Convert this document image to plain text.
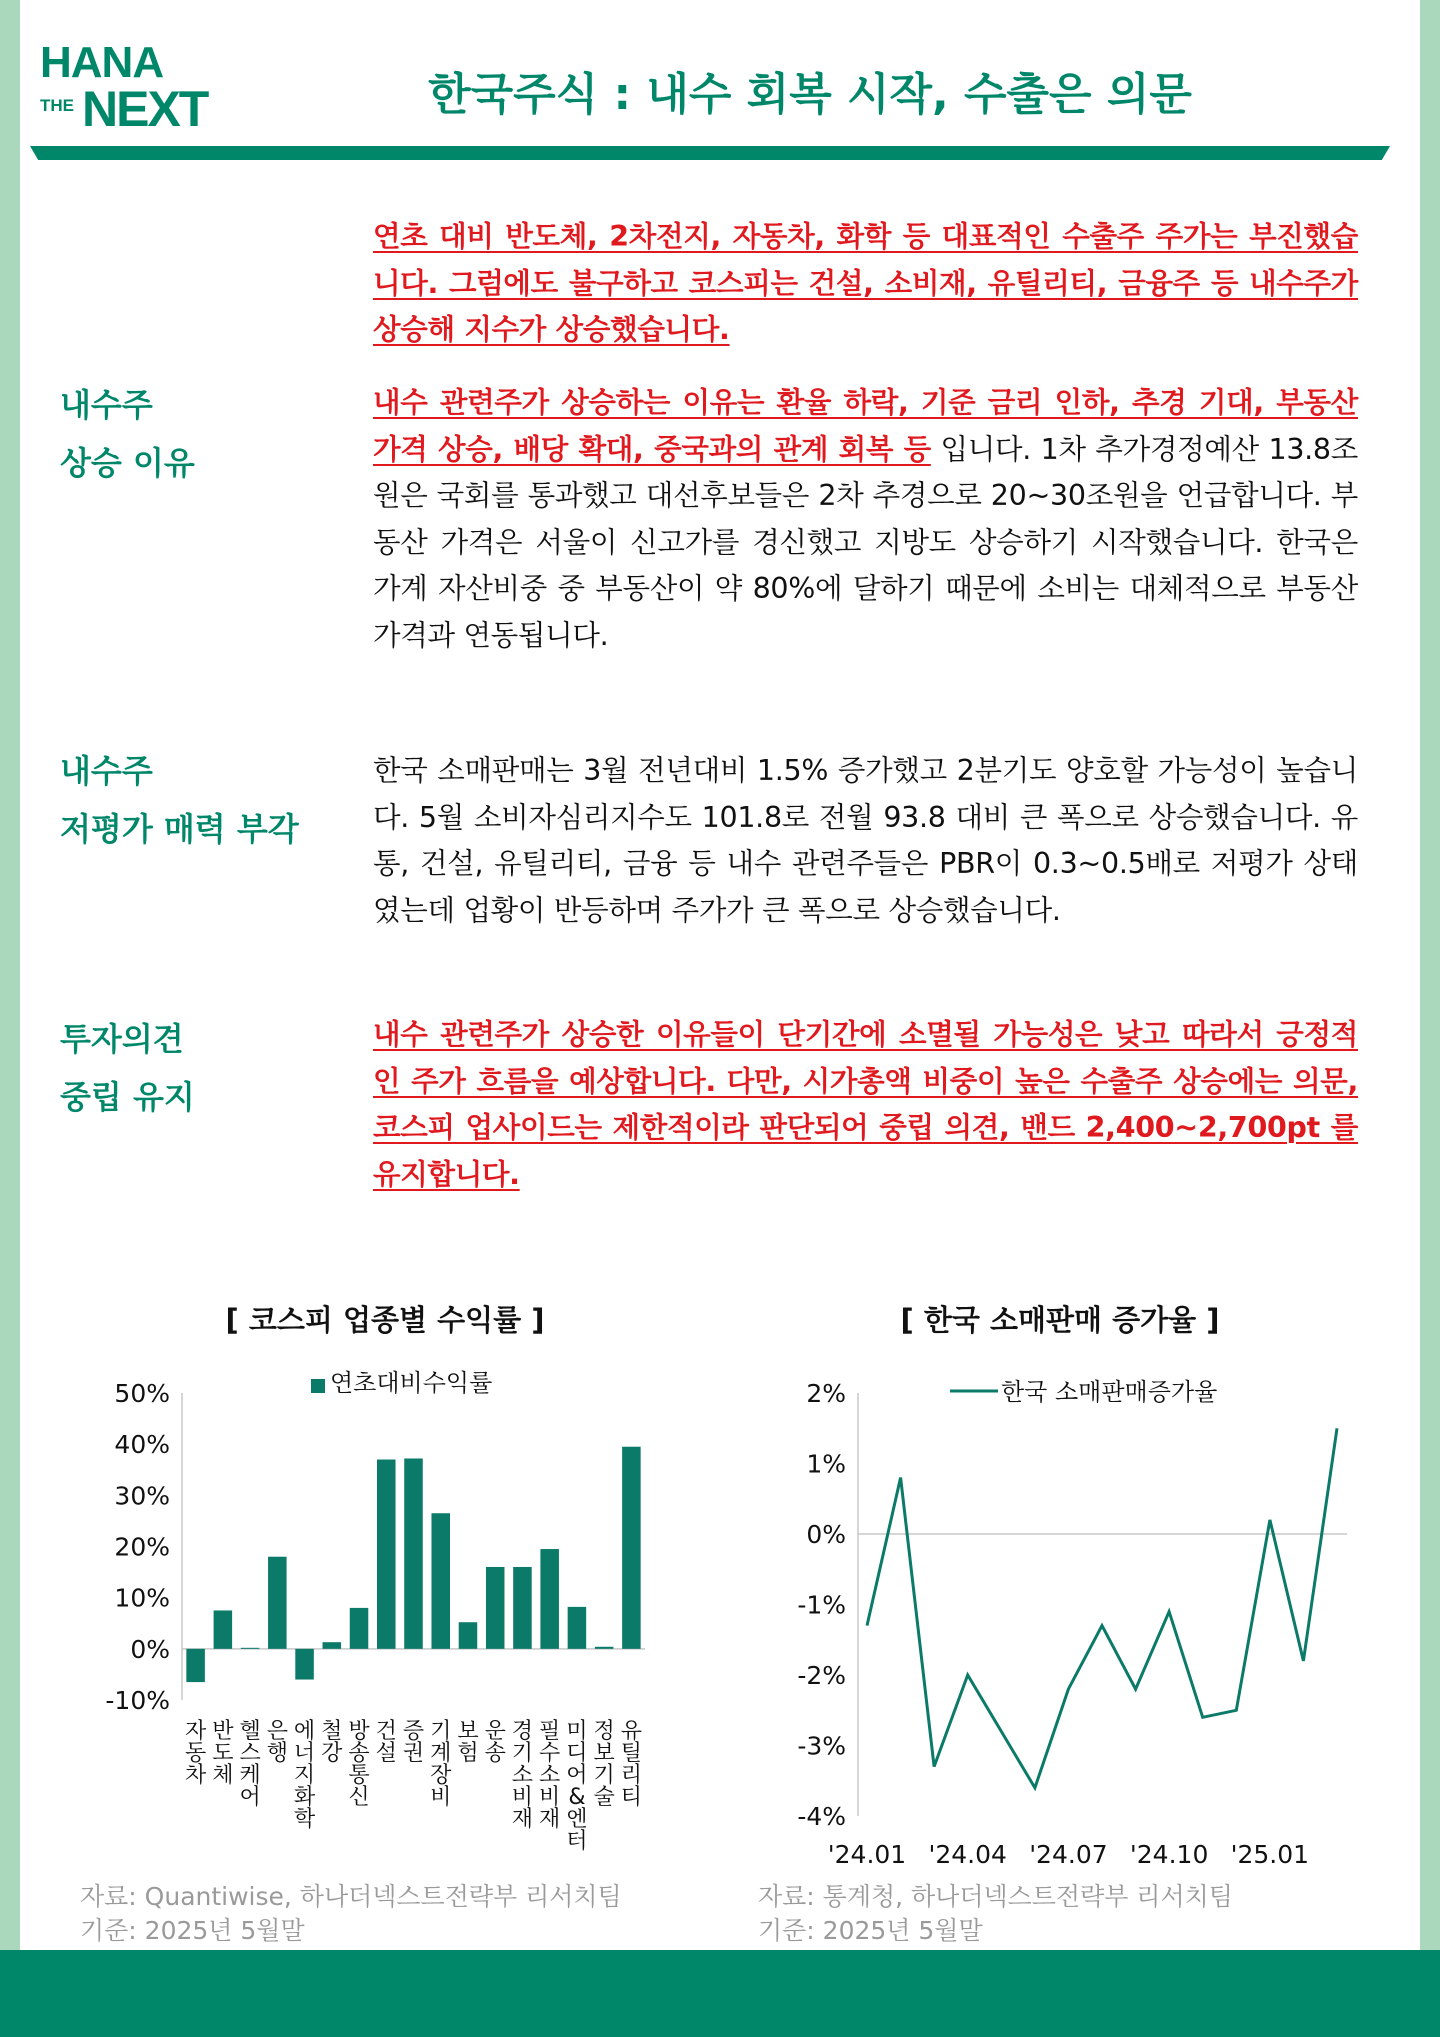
HANA
THE NEXT	한국주식 : 내수 회복 시작, 수출은 의문
연초 대비 반도체, 2차전지, 자동차, 화학 등 대표적인 수출주 주가는 부진했습니다. 그럼에도 불구하고 코스피는 건설, 소비재, 유틸리티, 금융주 등 내수주가 상승해 지수가 상승했습니다.
내수주
상승 이유
내수 관련주가 상승하는 이유는 환율 하락, 기준 금리 인하, 추경 기대, 부동산 가격 상승, 배당 확대, 중국과의 관계 회복 등 입니다. 1차 추가경정예산 13.8조원은 국회를 통과했고 대선후보들은 2차 추경으로 20~30조원을 언급합니다. 부동산 가격은 서울이 신고가를 경신했고 지방도 상승하기 시작했습니다. 한국은 가계 자산비중 중 부동산이 약 80%에 달하기 때문에 소비는 대체적으로 부동산 가격과 연동됩니다.
내수주
저평가 매력 부각
한국 소매판매는 3월 전년대비 1.5% 증가했고 2분기도 양호할 가능성이 높습니다. 5월 소비자심리지수도 101.8로 전월 93.8 대비 큰 폭으로 상승했습니다. 유통, 건설, 유틸리티, 금융 등 내수 관련주들은 PBR이 0.3~0.5배로 저평가 상태였는데 업황이 반등하며 주가가 큰 폭으로 상승했습니다.
투자의견
중립 유지
내수 관련주가 상승한 이유들이 단기간에 소멸될 가능성은 낮고 따라서 긍정적인 주가 흐름을 예상합니다. 다만, 시가총액 비중이 높은 수출주 상승에는 의문, 코스피 업사이드는 제한적이라 판단되어 중립 의견, 밴드 2,400~2,700pt 를 유지합니다.
[ 코스피 업종별 수익률 ]
50%
40%
30%
20%
10%
0%
-10%
자 동 차
반 도 체
헬 스 케 어
은 행
에 너 지 화 학
철 강
방 송 통 신
건 설
증 권
기 계 장 비
보 험
운 송
경 기 소 비 재
필 수 소 비 재
미 디 어 & 엔 터
정 보 기 술
유 틸 리 티
연초대비수익률
자료: Quantiwise, 하나더넥스트전략부 리서치팀
기준: 2025년 5월말
[ 한국 소매판매 증가율 ]
2%
1%
0%
-1%
-2%
-3%
-4%
'24.01 '24.04 '24.07 '24.10 '25.01
한국 소매판매증가율
자료: 통계청, 하나더넥스트전략부 리서치팀
기준: 2025년 5월말
